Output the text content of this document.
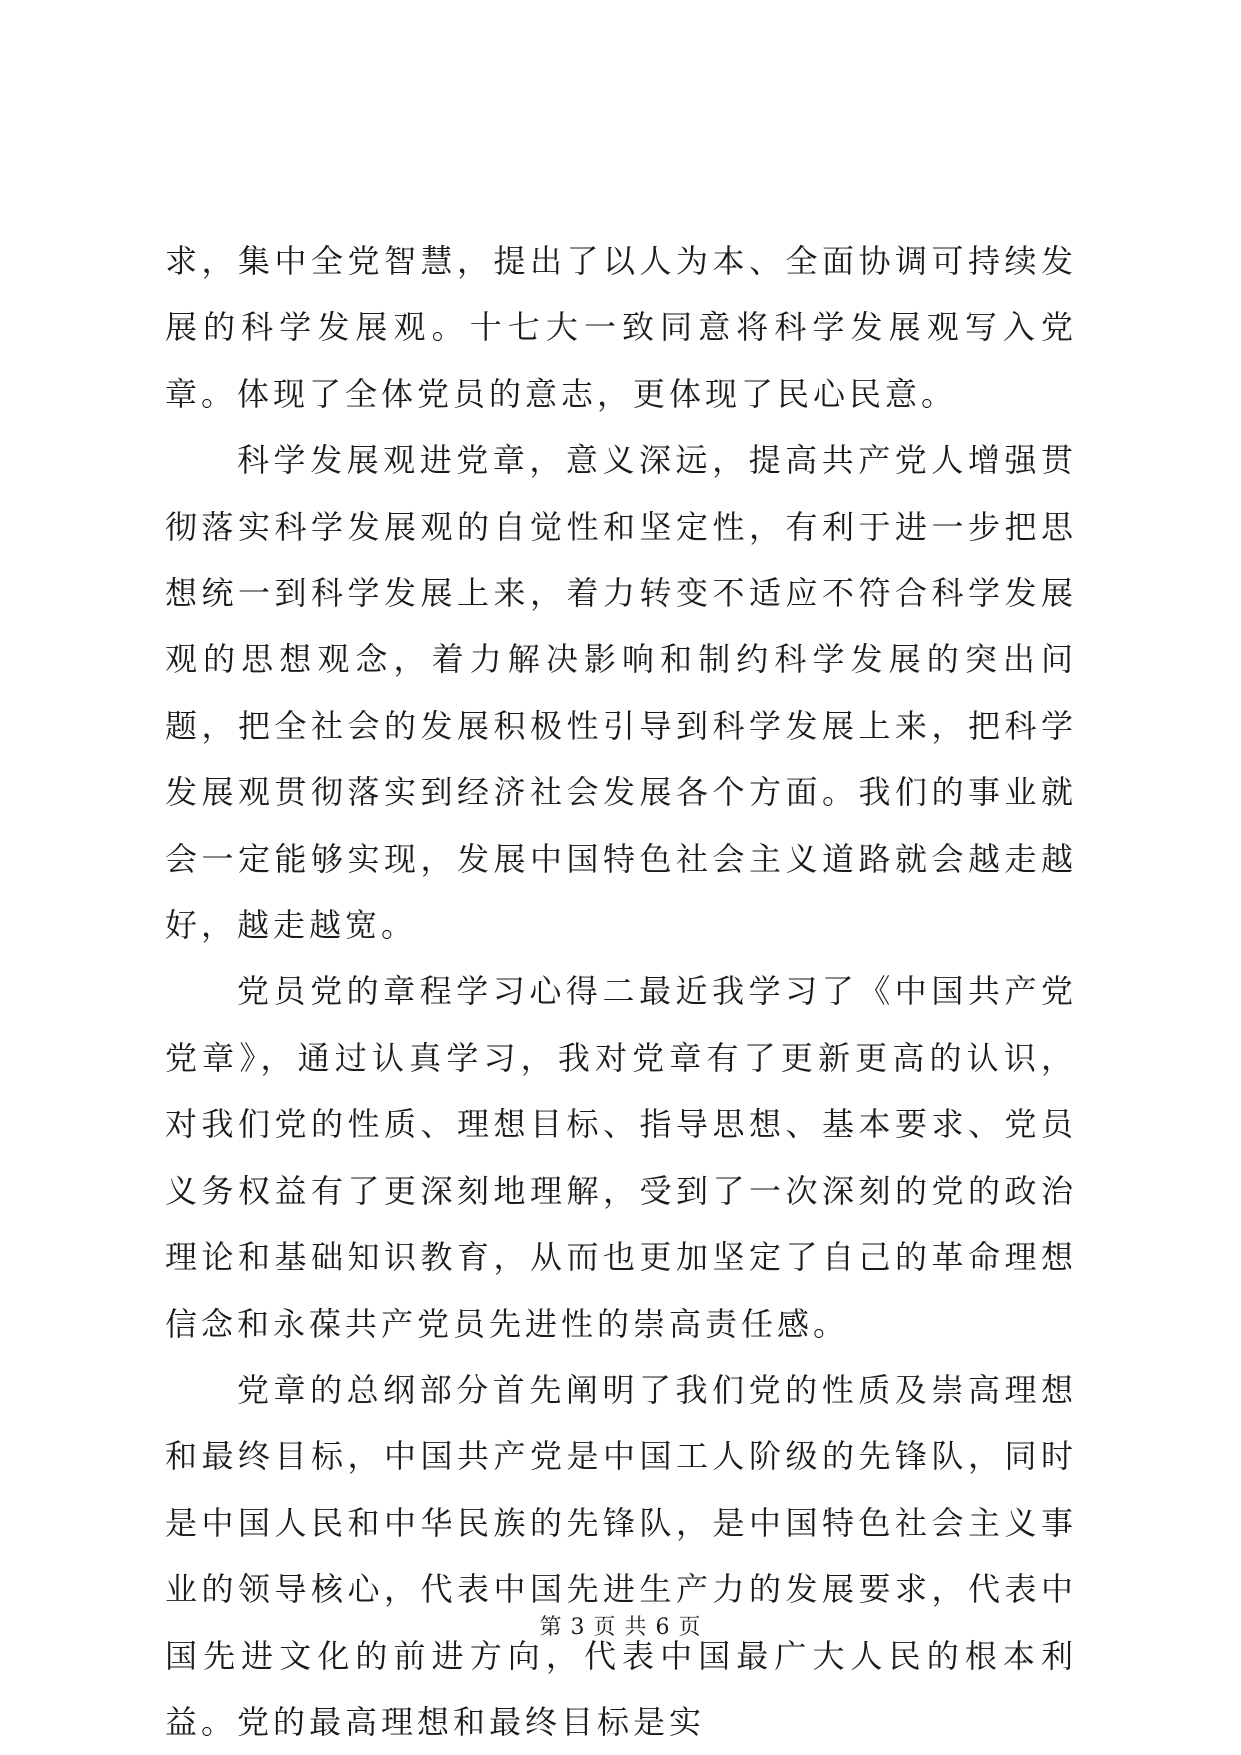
求，集中全党智慧，提出了以人为本、全面协调可持续发展的科学发展观。十七大一致同意将科学发展观写入党章。体现了全体党员的意志，更体现了民心民意。

科学发展观进党章，意义深远，提高共产党人增强贯彻落实科学发展观的自觉性和坚定性，有利于进一步把思想统一到科学发展上来，着力转变不适应不符合科学发展观的思想观念，着力解决影响和制约科学发展的突出问题，把全社会的发展积极性引导到科学发展上来，把科学发展观贯彻落实到经济社会发展各个方面。我们的事业就会一定能够实现，发展中国特色社会主义道路就会越走越好，越走越宽。

党员党的章程学习心得二最近我学习了《中国共产党党章》，通过认真学习，我对党章有了更新更高的认识，对我们党的性质、理想目标、指导思想、基本要求、党员义务权益有了更深刻地理解，受到了一次深刻的党的政治理论和基础知识教育，从而也更加坚定了自己的革命理想信念和永葆共产党员先进性的崇高责任感。

党章的总纲部分首先阐明了我们党的性质及崇高理想和最终目标，中国共产党是中国工人阶级的先锋队，同时是中国人民和中华民族的先锋队，是中国特色社会主义事业的领导核心，代表中国先进生产力的发展要求，代表中国先进文化的前进方向，代表中国最广大人民的根本利益。党的最高理想和最终目标是实

第 3 页 共 6 页
